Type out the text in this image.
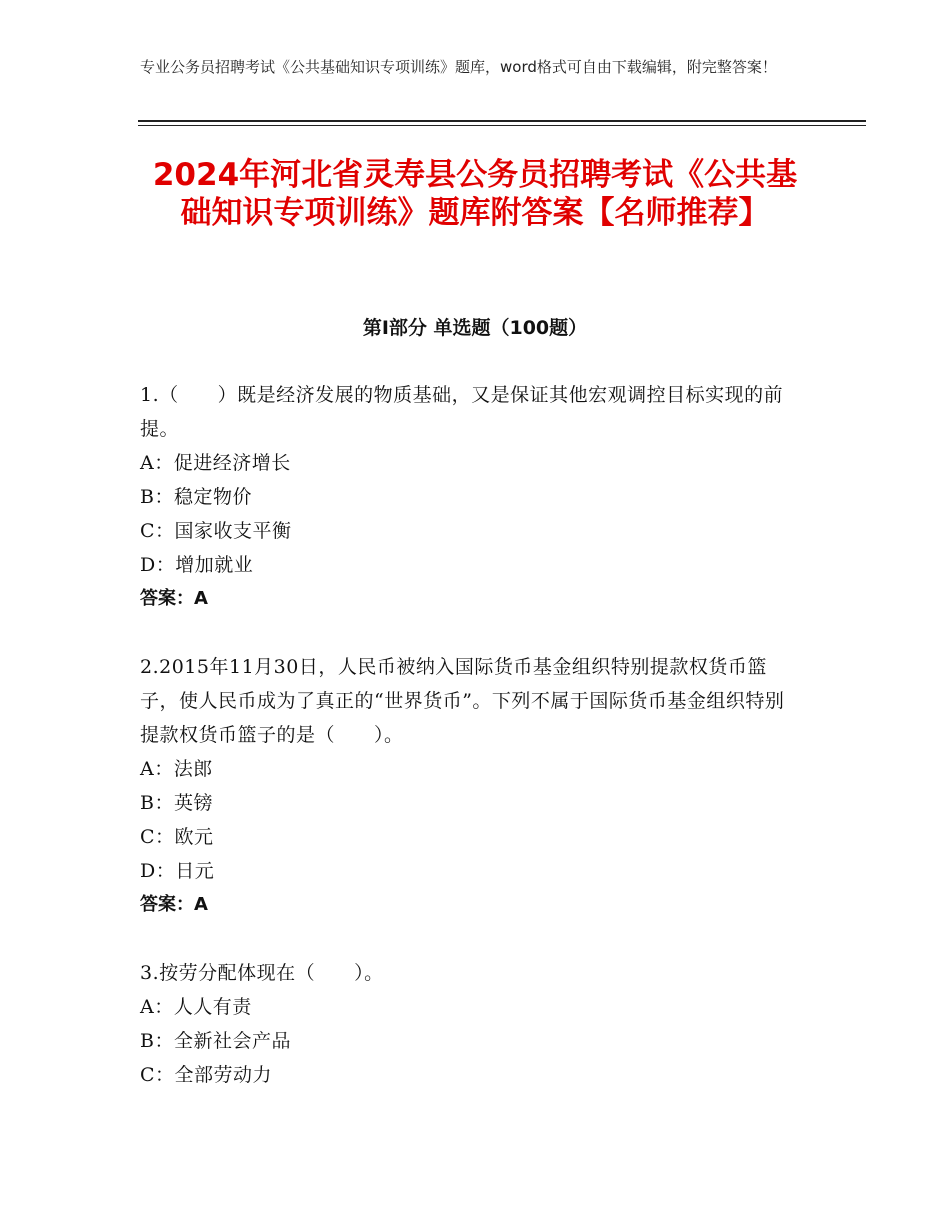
专业公务员招聘考试《公共基础知识专项训练》题库，word格式可自由下载编辑，附完整答案！
2024年河北省灵寿县公务员招聘考试《公共基础知识专项训练》题库附答案【名师推荐】
第Ⅰ部分 单选题（100题）

1.（　　）既是经济发展的物质基础，又是保证其他宏观调控目标实现的前提。

A：促进经济增长

B：稳定物价

C：国家收支平衡

D：增加就业

答案：A

2.2015年11月30日，人民币被纳入国际货币基金组织特别提款权货币篮子，使人民币成为了真正的“世界货币”。下列不属于国际货币基金组织特别提款权货币篮子的是（　　）。

A：法郎

B：英镑

C：欧元

D：日元

答案：A

3.按劳分配体现在（　　）。

A：人人有责

B：全新社会产品

C：全部劳动力
